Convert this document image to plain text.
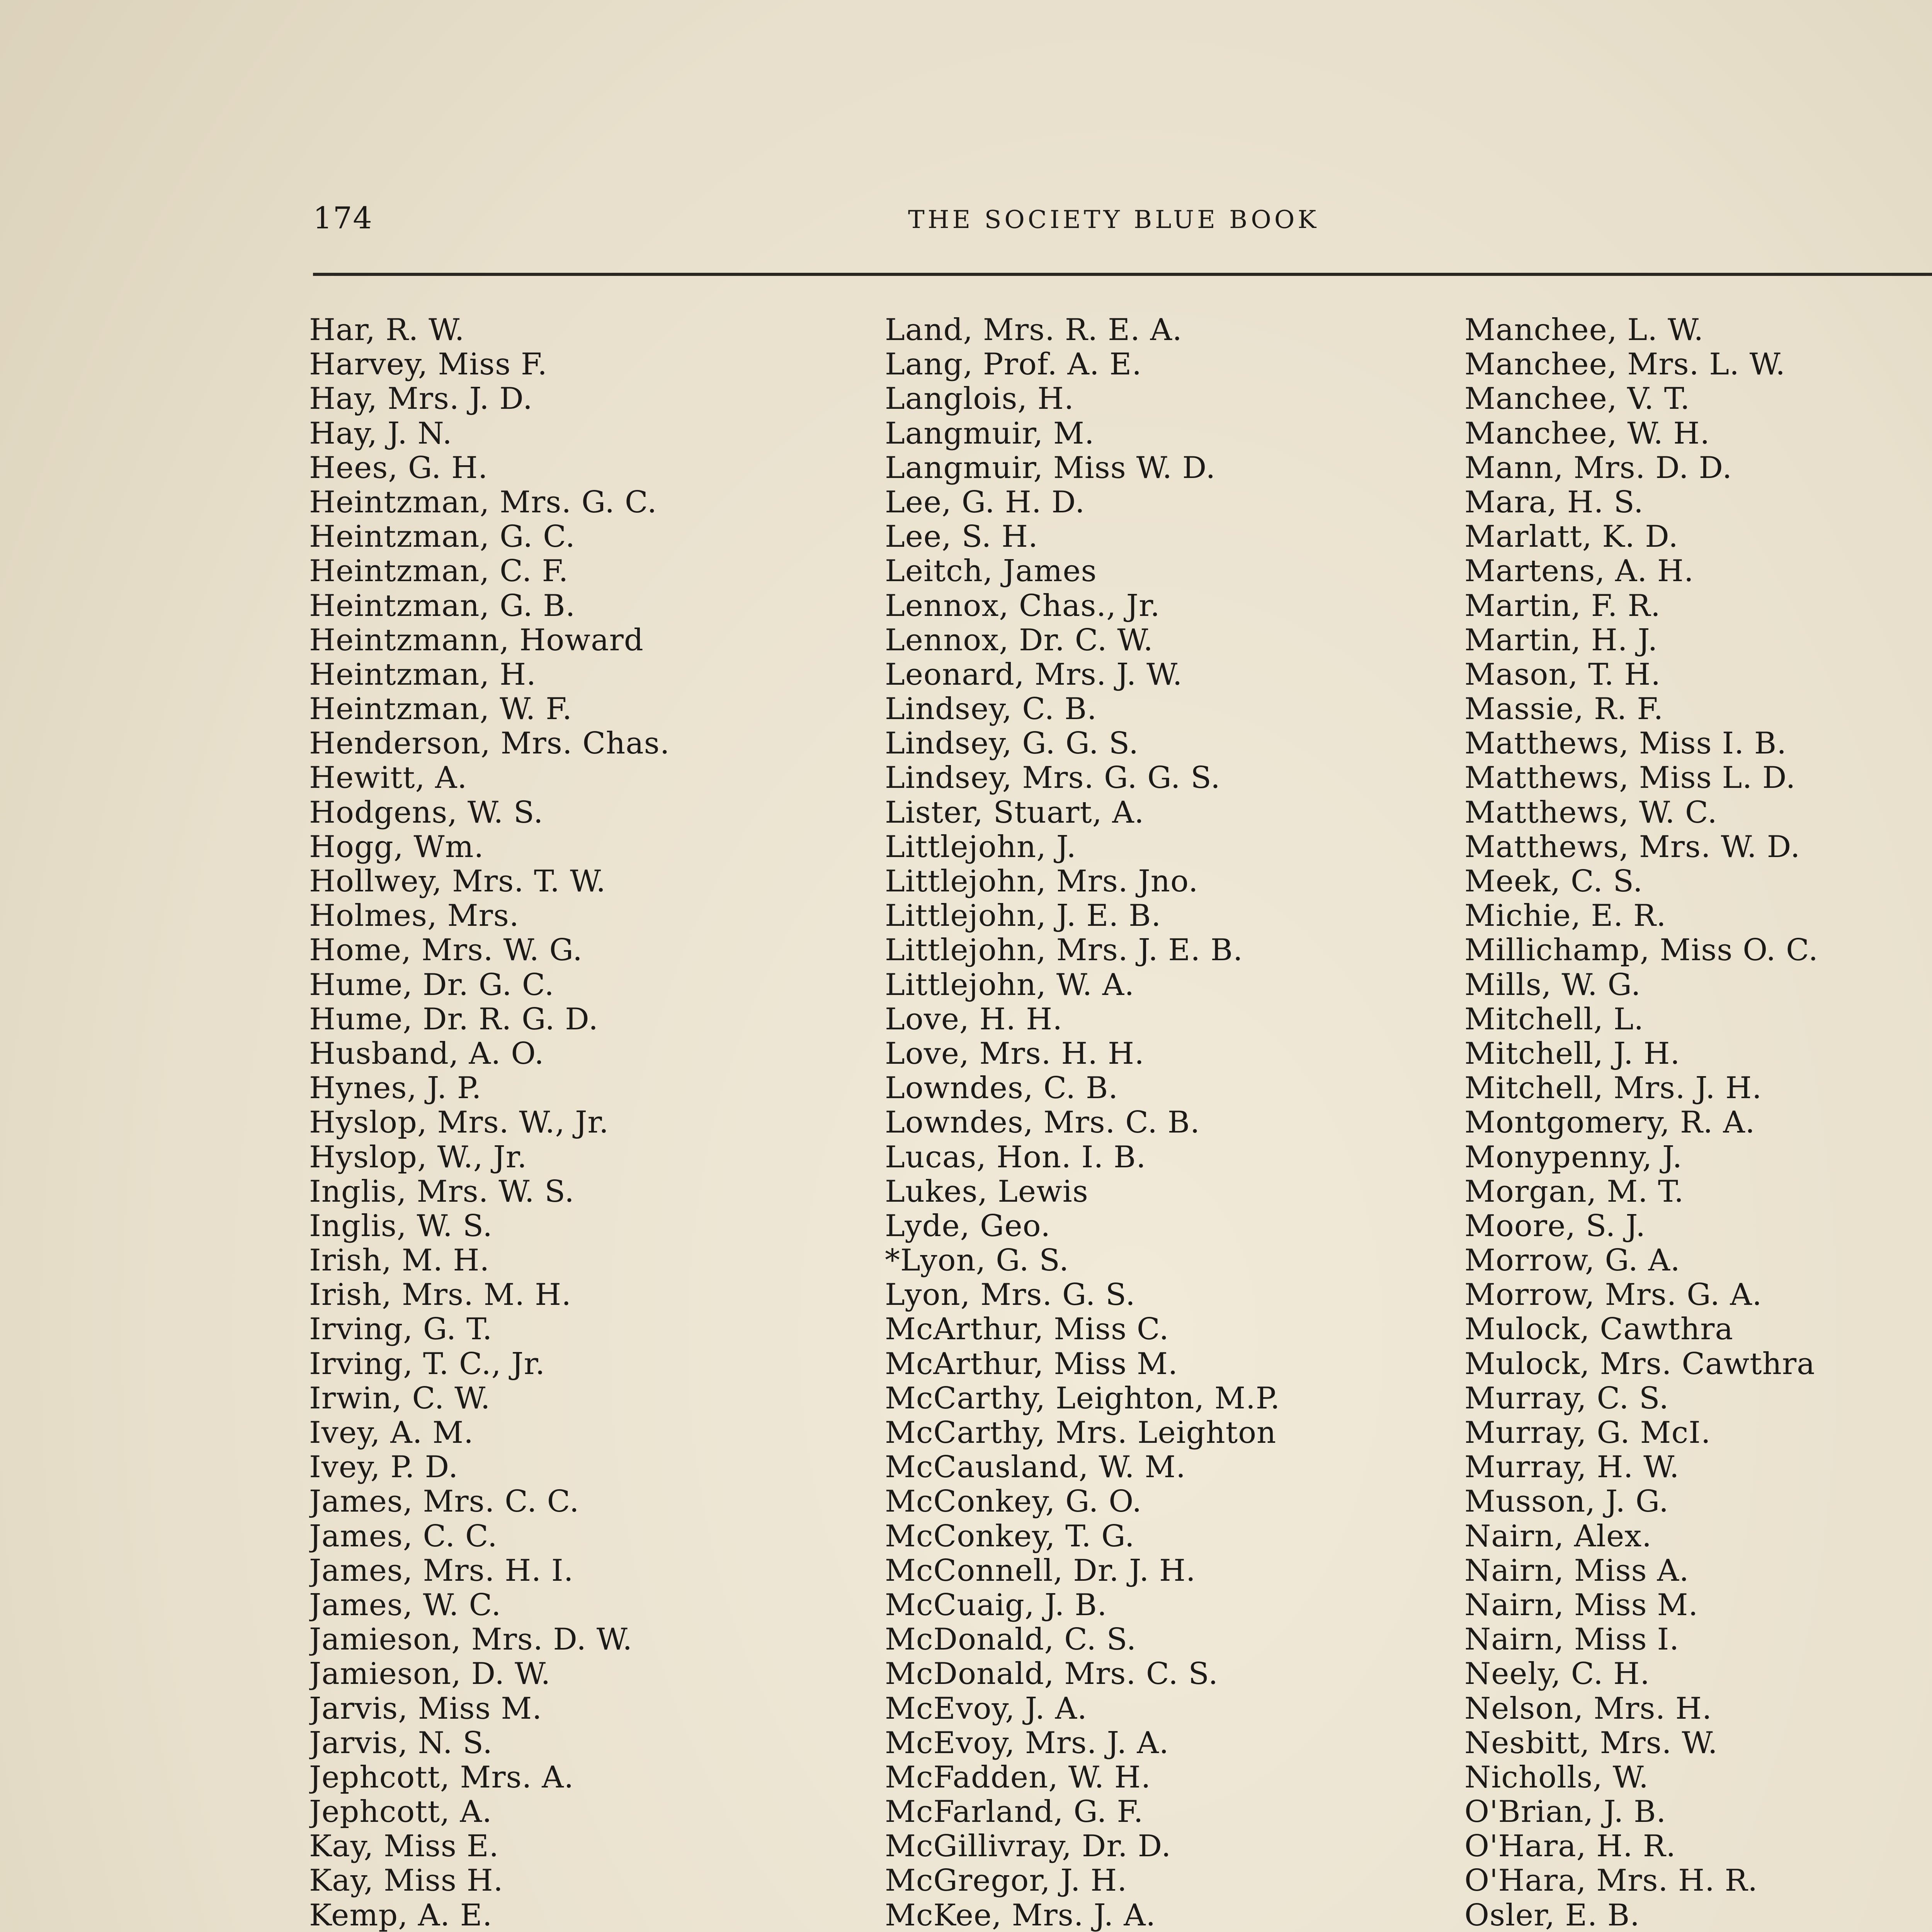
174	THE SOCIETY BLUE BOOK
Har, R. W.
Harvey, Miss F.
Hay, Mrs. J. D.
Hay, J. N.
Hees, G. H.
Heintzman, Mrs. G. C.
Heintzman, G. C.
Heintzman, C. F.
Heintzman, G. B.
Heintzmann, Howard
Heintzman, H.
Heintzman, W. F.
Henderson, Mrs. Chas.
Hewitt, A.
Hodgens, W. S.
Hogg, Wm.
Hollwey, Mrs. T. W.
Holmes, Mrs.
Home, Mrs. W. G.
Hume, Dr. G. C.
Hume, Dr. R. G. D.
Husband, A. O.
Hynes, J. P.
Hyslop, Mrs. W., Jr.
Hyslop, W., Jr.
Inglis, Mrs. W. S.
Inglis, W. S.
Irish, M. H.
Irish, Mrs. M. H.
Irving, G. T.
Irving, T. C., Jr.
Irwin, C. W.
Ivey, A. M.
Ivey, P. D.
James, Mrs. C. C.
James, C. C.
James, Mrs. H. I.
James, W. C.
Jamieson, Mrs. D. W.
Jamieson, D. W.
Jarvis, Miss M.
Jarvis, N. S.
Jephcott, Mrs. A.
Jephcott, A.
Kay, Miss E.
Kay, Miss H.
Kemp, A. E.
Land, Mrs. R. E. A.
Lang, Prof. A. E.
Langlois, H.
Langmuir, M.
Langmuir, Miss W. D.
Lee, G. H. D.
Lee, S. H.
Leitch, James
Lennox, Chas., Jr.
Lennox, Dr. C. W.
Leonard, Mrs. J. W.
Lindsey, C. B.
Lindsey, G. G. S.
Lindsey, Mrs. G. G. S.
Lister, Stuart, A.
Littlejohn, J.
Littlejohn, Mrs. Jno.
Littlejohn, J. E. B.
Littlejohn, Mrs. J. E. B.
Littlejohn, W. A.
Love, H. H.
Love, Mrs. H. H.
Lowndes, C. B.
Lowndes, Mrs. C. B.
Lucas, Hon. I. B.
Lukes, Lewis
Lyde, Geo.
*Lyon, G. S.
Lyon, Mrs. G. S.
McArthur, Miss C.
McArthur, Miss M.
McCarthy, Leighton, M.P.
McCarthy, Mrs. Leighton
McCausland, W. M.
McConkey, G. O.
McConkey, T. G.
McConnell, Dr. J. H.
McCuaig, J. B.
McDonald, C. S.
McDonald, Mrs. C. S.
McEvoy, J. A.
McEvoy, Mrs. J. A.
McFadden, W. H.
McFarland, G. F.
McGillivray, Dr. D.
McGregor, J. H.
McKee, Mrs. J. A.
Manchee, L. W.
Manchee, Mrs. L. W.
Manchee, V. T.
Manchee, W. H.
Mann, Mrs. D. D.
Mara, H. S.
Marlatt, K. D.
Martens, A. H.
Martin, F. R.
Martin, H. J.
Mason, T. H.
Massie, R. F.
Matthews, Miss I. B.
Matthews, Miss L. D.
Matthews, W. C.
Matthews, Mrs. W. D.
Meek, C. S.
Michie, E. R.
Millichamp, Miss O. C.
Mills, W. G.
Mitchell, L.
Mitchell, J. H.
Mitchell, Mrs. J. H.
Montgomery, R. A.
Monypenny, J.
Morgan, M. T.
Moore, S. J.
Morrow, G. A.
Morrow, Mrs. G. A.
Mulock, Cawthra
Mulock, Mrs. Cawthra
Murray, C. S.
Murray, G. McI.
Murray, H. W.
Musson, J. G.
Nairn, Alex.
Nairn, Miss A.
Nairn, Miss M.
Nairn, Miss I.
Neely, C. H.
Nelson, Mrs. H.
Nesbitt, Mrs. W.
Nicholls, W.
O'Brian, J. B.
O'Hara, H. R.
O'Hara, Mrs. H. R.
Osler, E. B.
